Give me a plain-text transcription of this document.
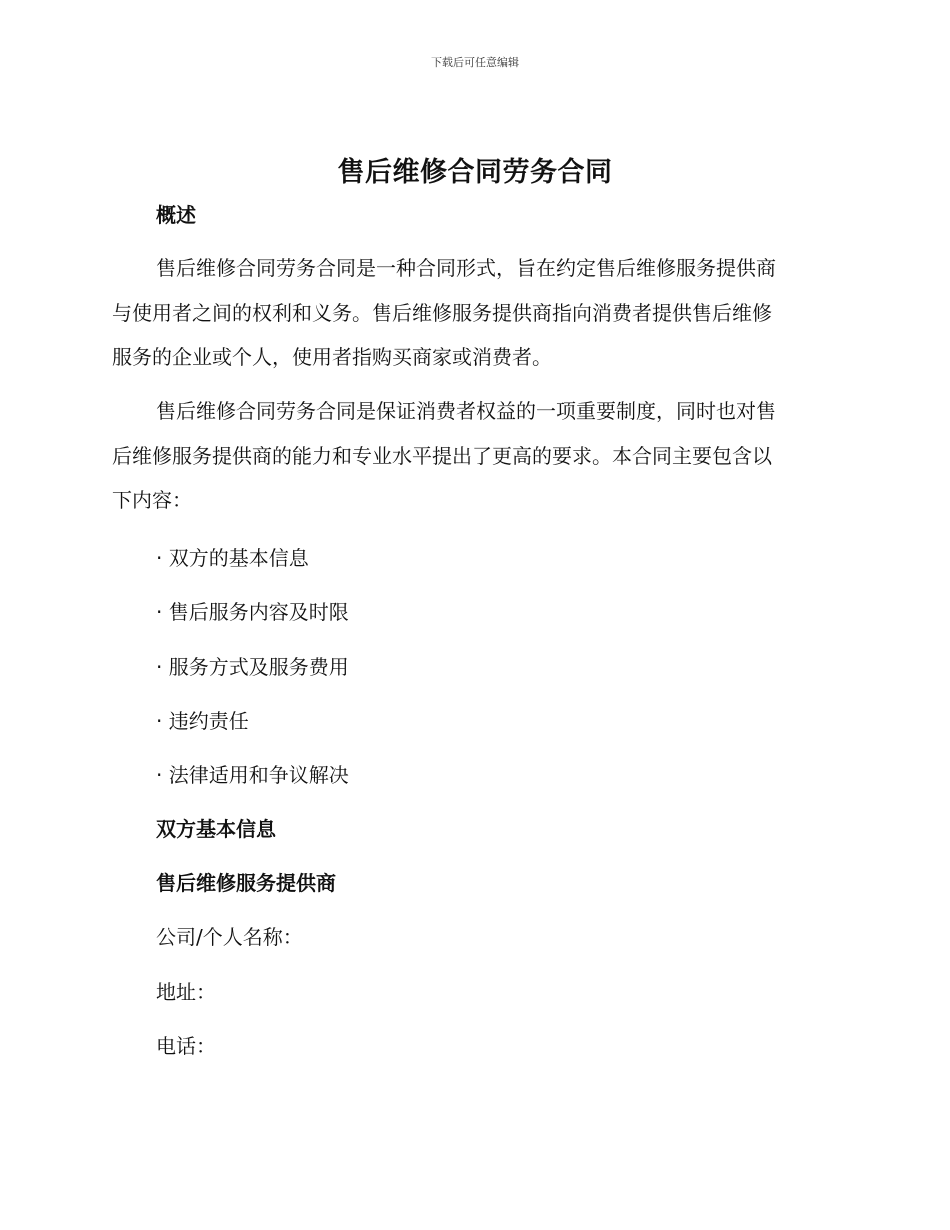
下载后可任意编辑
售后维修合同劳务合同
概述
售后维修合同劳务合同是一种合同形式，旨在约定售后维修服务提供商
与使用者之间的权利和义务。售后维修服务提供商指向消费者提供售后维修
服务的企业或个人，使用者指购买商家或消费者。
售后维修合同劳务合同是保证消费者权益的一项重要制度，同时也对售
后维修服务提供商的能力和专业水平提出了更高的要求。本合同主要包含以
下内容：

· 双方的基本信息

· 售后服务内容及时限

· 服务方式及服务费用

· 违约责任

· 法律适用和争议解决

双方基本信息
售后维修服务提供商

公司/个人名称：

地址：

电话：
